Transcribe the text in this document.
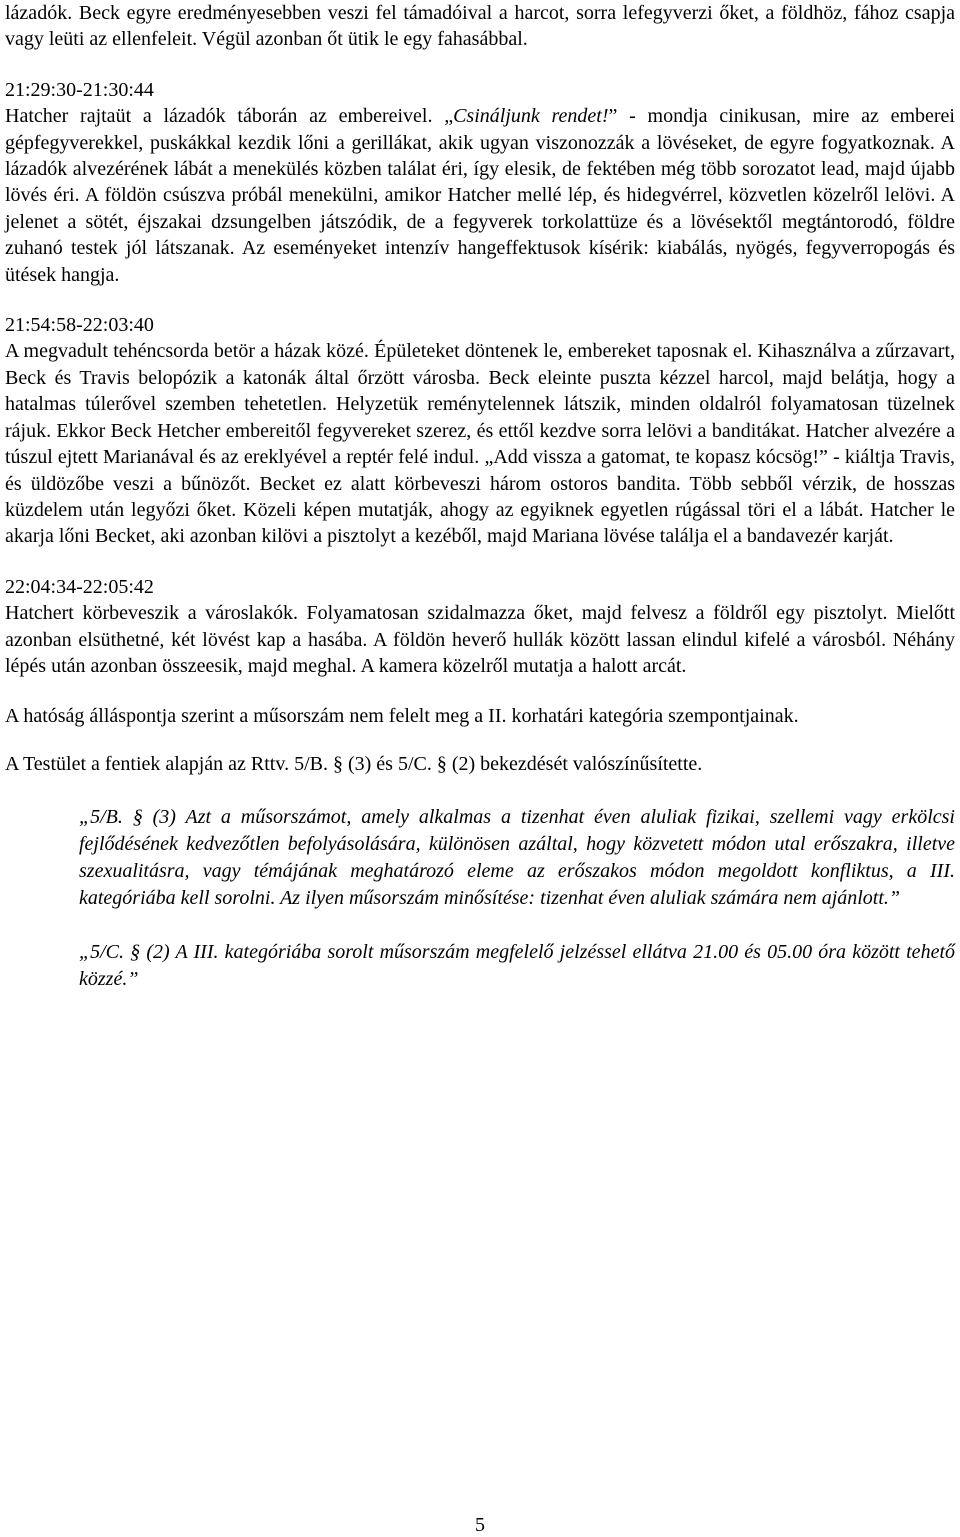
lázadók. Beck egyre eredményesebben veszi fel támadóival a harcot, sorra lefegyverzi őket, a földhöz, fához csapja vagy leüti az ellenfeleit. Végül azonban őt ütik le egy fahasábbal.

21:29:30-21:30:44

Hatcher rajtaüt a lázadók táborán az embereivel. „Csináljunk rendet!” - mondja cinikusan, mire az emberei gépfegyverekkel, puskákkal kezdik lőni a gerillákat, akik ugyan viszonozzák a lövéseket, de egyre fogyatkoznak. A lázadók alvezérének lábát a menekülés közben találat éri, így elesik, de fektében még több sorozatot lead, majd újabb lövés éri. A földön csúszva próbál menekülni, amikor Hatcher mellé lép, és hidegvérrel, közvetlen közelről lelövi. A jelenet a sötét, éjszakai dzsungelben játszódik, de a fegyverek torkolattüze és a lövésektől megtántorodó, földre zuhanó testek jól látszanak. Az eseményeket intenzív hangeffektusok kísérik: kiabálás, nyögés, fegyverropogás és ütések hangja.

21:54:58-22:03:40

A megvadult tehéncsorda betör a házak közé. Épületeket döntenek le, embereket taposnak el. Kihasználva a zűrzavart, Beck és Travis belopózik a katonák által őrzött városba. Beck eleinte puszta kézzel harcol, majd belátja, hogy a hatalmas túlerővel szemben tehetetlen. Helyzetük reménytelennek látszik, minden oldalról folyamatosan tüzelnek rájuk. Ekkor Beck Hetcher embereitől fegyvereket szerez, és ettől kezdve sorra lelövi a banditákat. Hatcher alvezére a túszul ejtett Marianával és az ereklyével a reptér felé indul. „Add vissza a gatomat, te kopasz kócsög!” - kiáltja Travis, és üldözőbe veszi a bűnözőt. Becket ez alatt körbeveszi három ostoros bandita. Több sebből vérzik, de hosszas küzdelem után legyőzi őket. Közeli képen mutatják, ahogy az egyiknek egyetlen rúgással töri el a lábát. Hatcher le akarja lőni Becket, aki azonban kilövi a pisztolyt a kezéből, majd Mariana lövése találja el a bandavezér karját.

22:04:34-22:05:42

Hatchert körbeveszik a városlakók. Folyamatosan szidalmazza őket, majd felvesz a földről egy pisztolyt. Mielőtt azonban elsüthetné, két lövést kap a hasába. A földön heverő hullák között lassan elindul kifelé a városból. Néhány lépés után azonban összeesik, majd meghal. A kamera közelről mutatja a halott arcát.

A hatóság álláspontja szerint a műsorszám nem felelt meg a II. korhatári kategória szempontjainak.

A Testület a fentiek alapján az Rttv. 5/B. § (3) és 5/C. § (2) bekezdését valószínűsítette.

„5/B. § (3) Azt a műsorszámot, amely alkalmas a tizenhat éven aluliak fizikai, szellemi vagy erkölcsi fejlődésének kedvezőtlen befolyásolására, különösen azáltal, hogy közvetett módon utal erőszakra, illetve szexualitásra, vagy témájának meghatározó eleme az erőszakos módon megoldott konfliktus, a III. kategóriába kell sorolni. Az ilyen műsorszám minősítése: tizenhat éven aluliak számára nem ajánlott.”

„5/C. § (2) A III. kategóriába sorolt műsorszám megfelelő jelzéssel ellátva 21.00 és 05.00 óra között tehető közzé.”

5
